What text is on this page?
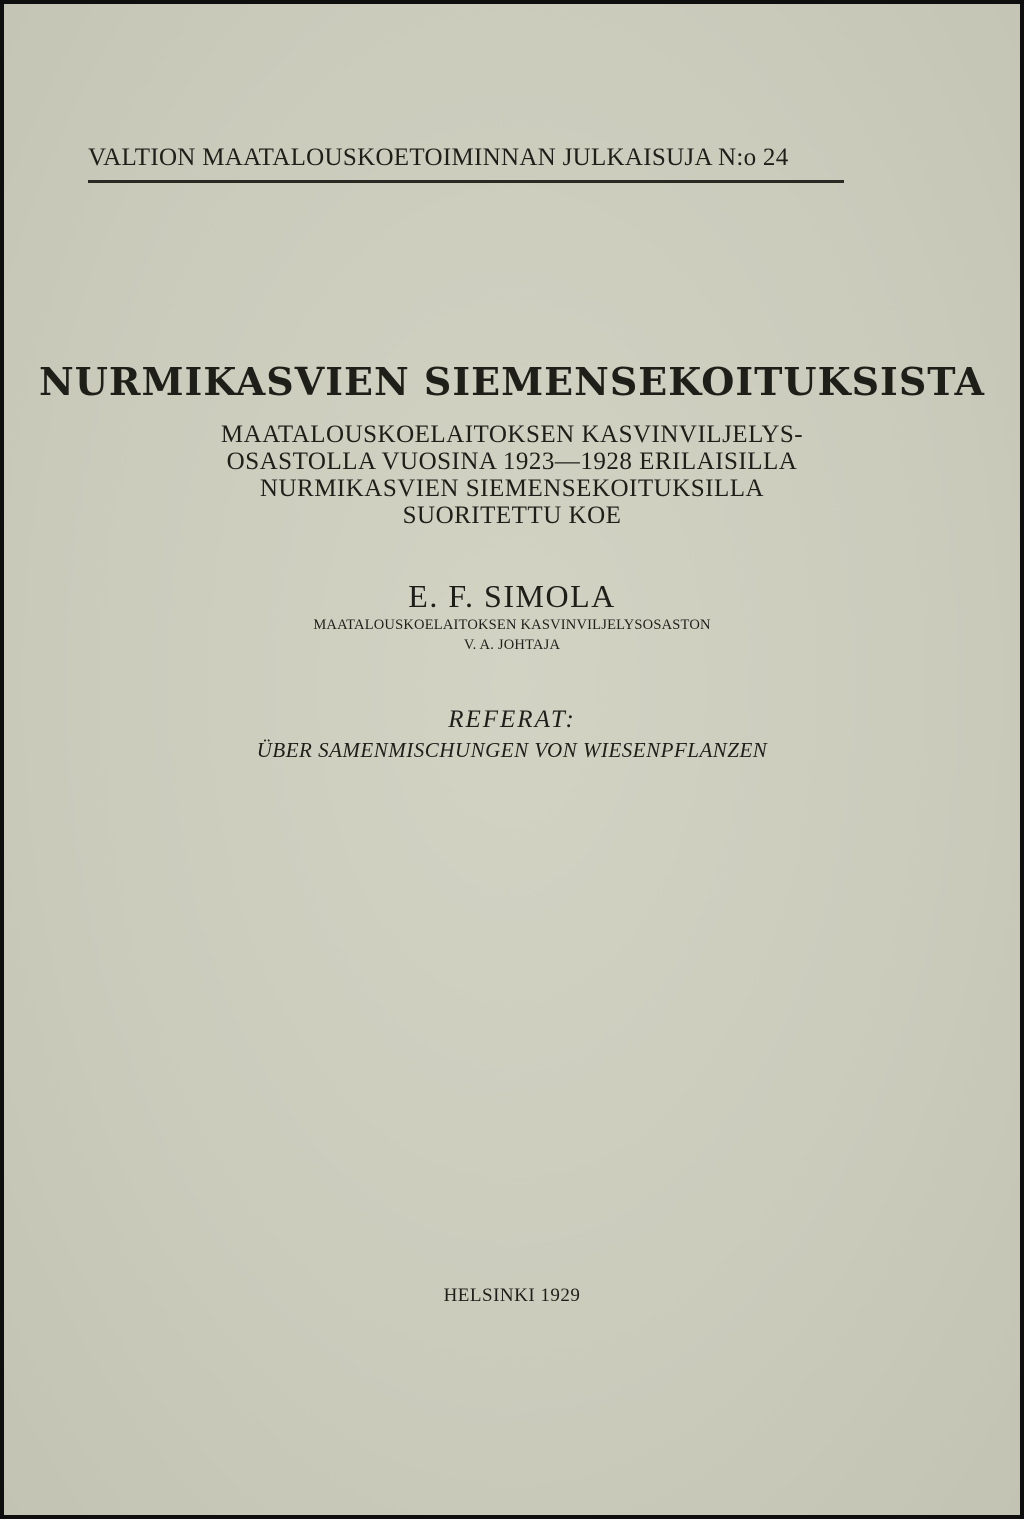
VALTION MAATALOUSKOETOIMINNAN JULKAISUJA N:o 24
NURMIKASVIEN SIEMENSEKOITUKSISTA
MAATALOUSKOELAITOKSEN KASVINVILJELYS-
OSASTOLLA VUOSINA 1923—1928 ERILAISILLA
NURMIKASVIEN SIEMENSEKOITUKSILLA
SUORITETTU KOE
E. F. SIMOLA
MAATALOUSKOELAITOKSEN KASVINVILJELYSOSASTON
V. A. JOHTAJA
REFERAT:
ÜBER SAMENMISCHUNGEN VON WIESENPFLANZEN
HELSINKI 1929
